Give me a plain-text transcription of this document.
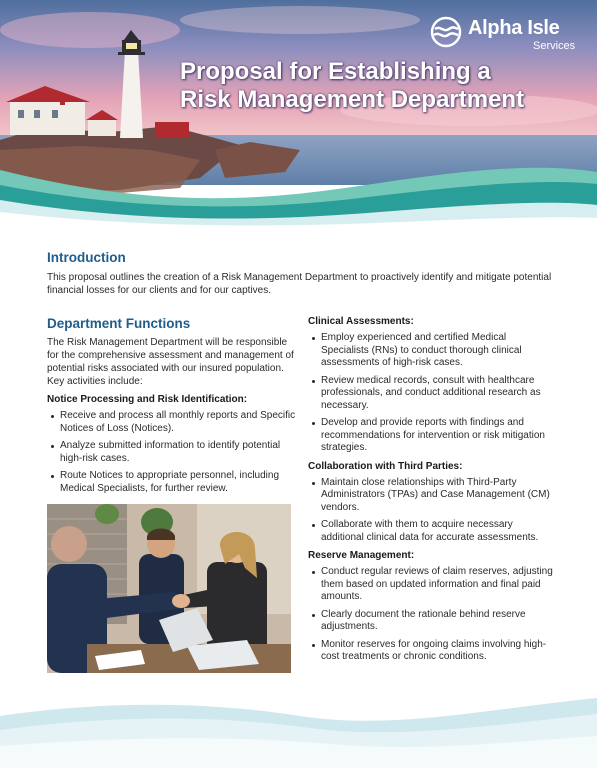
Alpha Isle
Services
Proposal for Establishing a
Risk Management Department
Introduction

This proposal outlines the creation of a Risk Management Department to proactively identify and mitigate potential financial losses for our clients and for our captives.

Department Functions

The Risk Management Department will be responsible for the comprehensive assessment and management of potential risks associated with our insured population. Key activities include:

Notice Processing and Risk Identification:
Receive and process all monthly reports and Specific Notices of Loss (Notices).
Analyze submitted information to identify potential high-risk cases.
Route Notices to appropriate personnel, including Medical Specialists, for further review.
Clinical Assessments:
Employ experienced and certified Medical Specialists (RNs) to conduct thorough clinical assessments of high-risk cases.
Review medical records, consult with healthcare professionals, and conduct additional research as necessary.
Develop and provide reports with findings and recommendations for intervention or risk mitigation strategies.
Collaboration with Third Parties:
Maintain close relationships with Third-Party Administrators (TPAs) and Case Management (CM) vendors.
Collaborate with them to acquire necessary additional clinical data for accurate assessments.
Reserve Management:
Conduct regular reviews of claim reserves, adjusting them based on updated information and final paid amounts.
Clearly document the rationale behind reserve adjustments.
Monitor reserves for ongoing claims involving high-cost treatments or chronic conditions.
